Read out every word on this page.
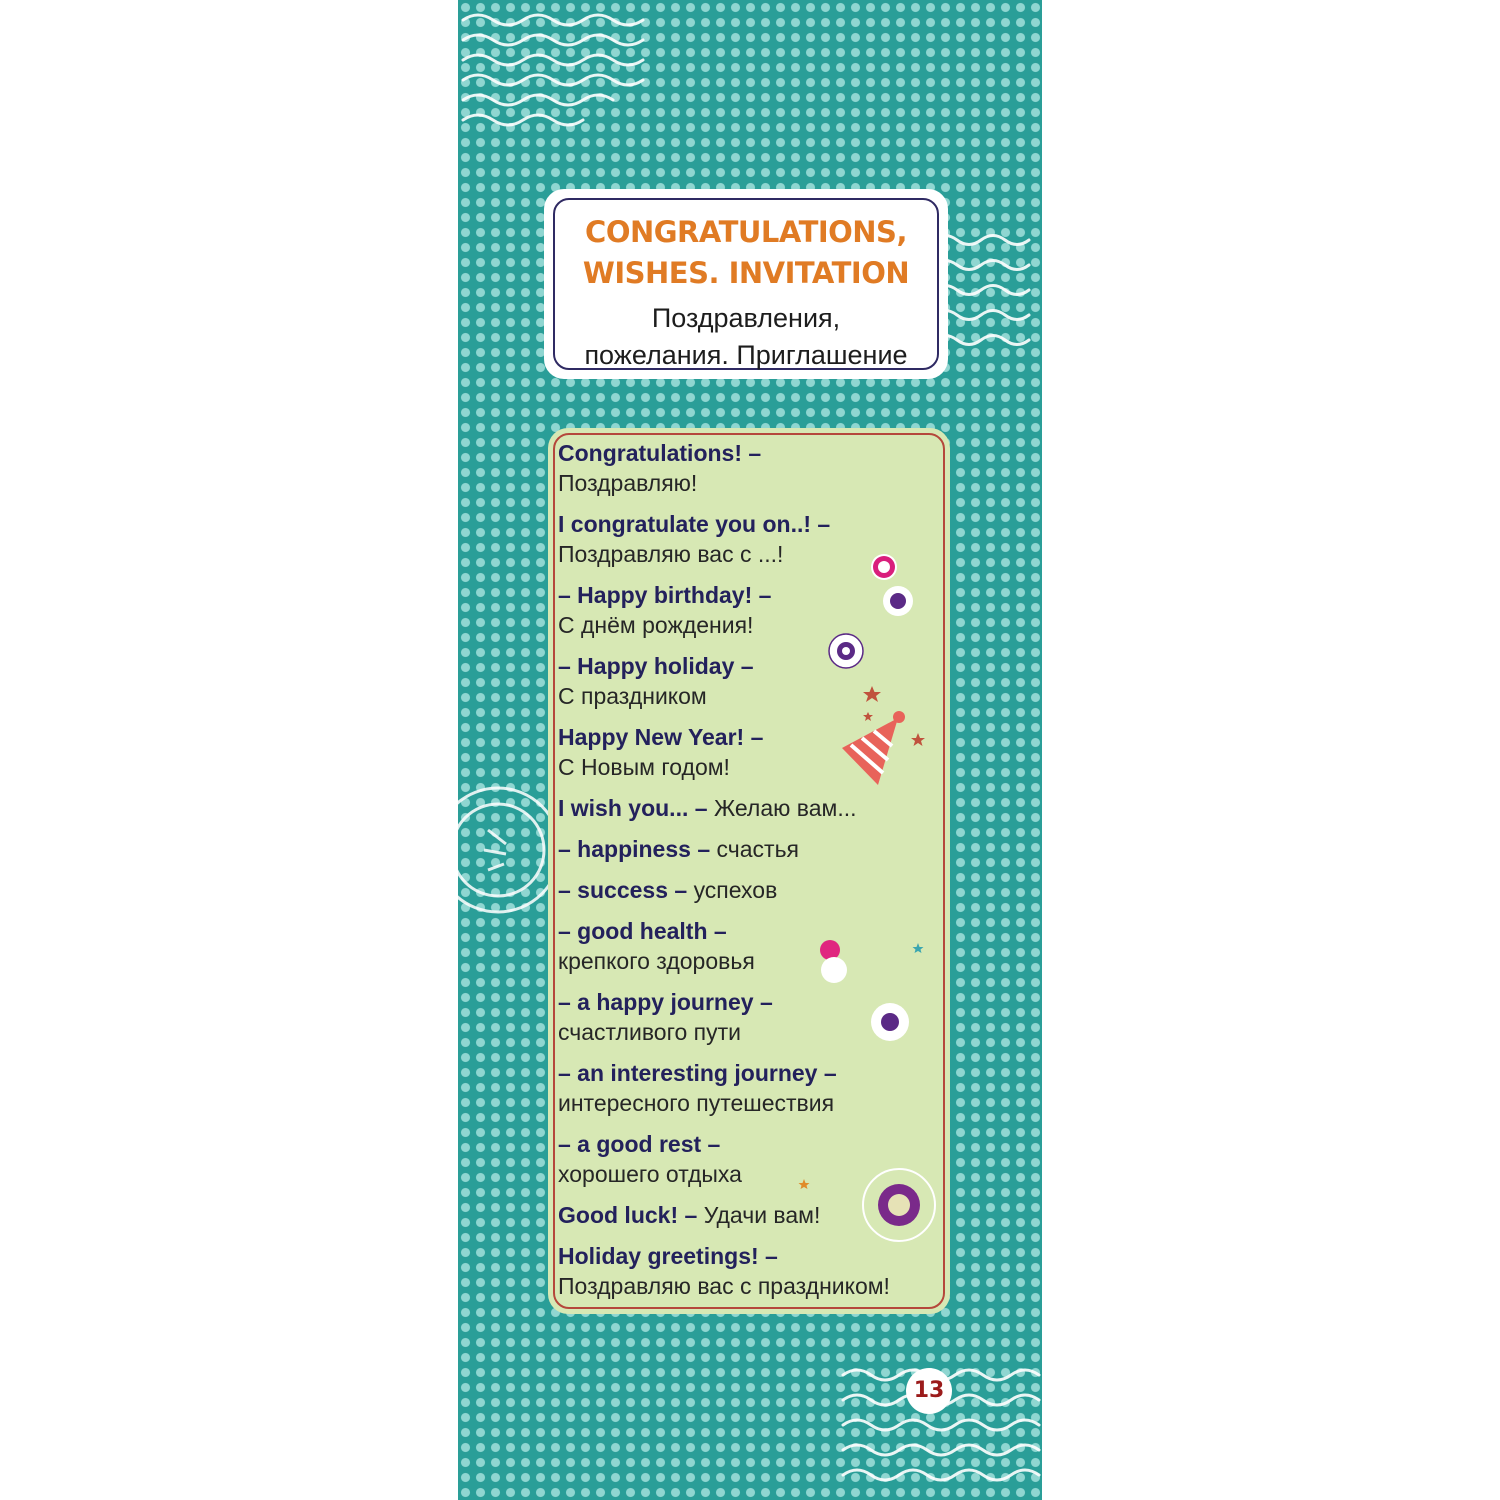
CONGRATULATIONS,
WISHES. INVITATION
Поздравления,
пожелания. Приглашение
Congratulations! –
Поздравляю!
I congratulate you on..! –
Поздравляю вас с ...!
– Happy birthday! –
С днём рождения!
– Happy holiday –
С праздником
Happy New Year! –
С Новым годом!
I wish you... – Желаю вам...
– happiness – счастья
– success – успехов
– good health –
крепкого здоровья
– a happy journey –
счастливого пути
– an interesting journey –
интересного путешествия
– a good rest –
хорошего отдыха
Good luck! – Удачи вам!
Holiday greetings! –
Поздравляю вас с праздником!
13
